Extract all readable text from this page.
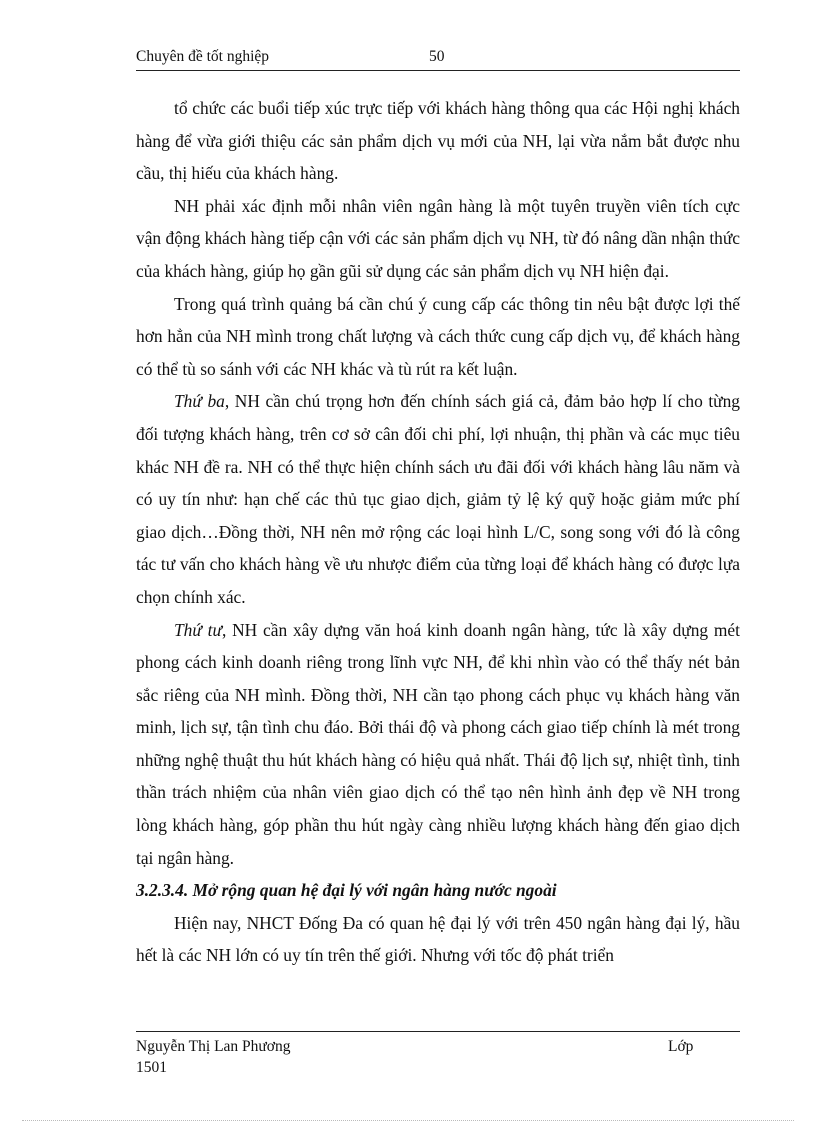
Chuyên đề tốt nghiệp	50

tổ chức các buổi tiếp xúc trực tiếp với khách hàng thông qua các Hội nghị khách hàng để vừa giới thiệu các sản phẩm dịch vụ mới của NH, lại vừa nắm bắt được nhu cầu, thị hiếu của khách hàng.

NH phải xác định mỗi nhân viên ngân hàng là một tuyên truyền viên tích cực vận động khách hàng tiếp cận với các sản phẩm dịch vụ NH, từ đó nâng dần nhận thức của khách hàng, giúp họ gần gũi sử dụng các sản phẩm dịch vụ NH hiện đại.

Trong quá trình quảng bá cần chú ý cung cấp các thông tin nêu bật được lợi thế hơn hẳn của NH mình trong chất lượng và cách thức cung cấp dịch vụ, để khách hàng có thể tù so sánh với các NH khác và tù rút ra kết luận.

Thứ ba, NH cần chú trọng hơn đến chính sách giá cả, đảm bảo hợp lí cho từng đối tượng khách hàng, trên cơ sở cân đối chi phí, lợi nhuận, thị phần và các mục tiêu khác NH đề ra. NH có thể thực hiện chính sách ưu đãi đối với khách hàng lâu năm và có uy tín như: hạn chế các thủ tục giao dịch, giảm tỷ lệ ký quỹ hoặc giảm mức phí giao dịch…Đồng thời, NH nên mở rộng các loại hình L/C, song song với đó là công tác tư vấn cho khách hàng về ưu nhược điểm của từng loại để khách hàng có được lựa chọn chính xác.

Thứ tư, NH cần xây dựng văn hoá kinh doanh ngân hàng, tức là xây dựng mét phong cách kinh doanh riêng trong lĩnh vực NH, để khi nhìn vào có thể thấy nét bản sắc riêng của NH mình. Đồng thời, NH cần tạo phong cách phục vụ khách hàng văn minh, lịch sự, tận tình chu đáo. Bởi thái độ và phong cách giao tiếp chính là mét trong những nghệ thuật thu hút khách hàng có hiệu quả nhất. Thái độ lịch sự, nhiệt tình, tinh thần trách nhiệm của nhân viên giao dịch có thể tạo nên hình ảnh đẹp về NH trong lòng khách hàng, góp phần thu hút ngày càng nhiều lượng khách hàng đến giao dịch tại ngân hàng.

3.2.3.4. Mở rộng quan hệ đại lý với ngân hàng nước ngoài

Hiện nay, NHCT Đống Đa có quan hệ đại lý với trên 450 ngân hàng đại lý, hầu hết là các NH lớn có uy tín trên thế giới. Nhưng với tốc độ phát triển

Nguyễn Thị Lan Phương	Lớp
1501
